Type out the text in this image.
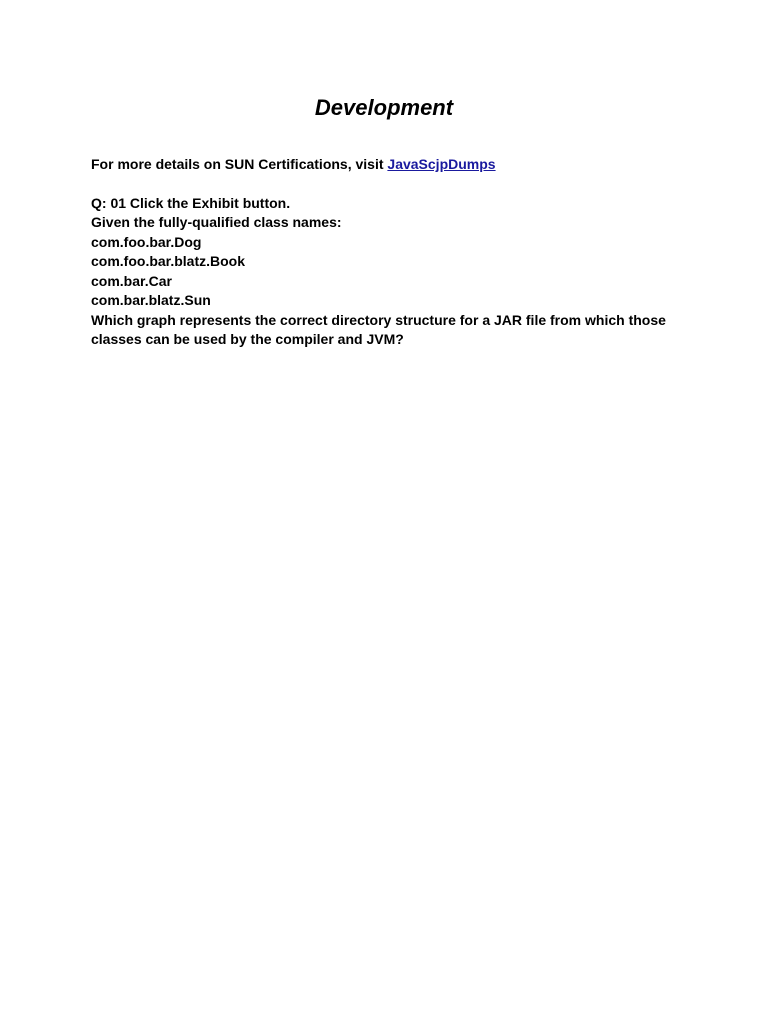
Development

For more details on SUN Certifications, visit JavaScjpDumps

Q: 01 Click the Exhibit button.

Given the fully-qualified class names:

com.foo.bar.Dog

com.foo.bar.blatz.Book

com.bar.Car

com.bar.blatz.Sun

Which graph represents the correct directory structure for a JAR file from which those

classes can be used by the compiler and JVM?
